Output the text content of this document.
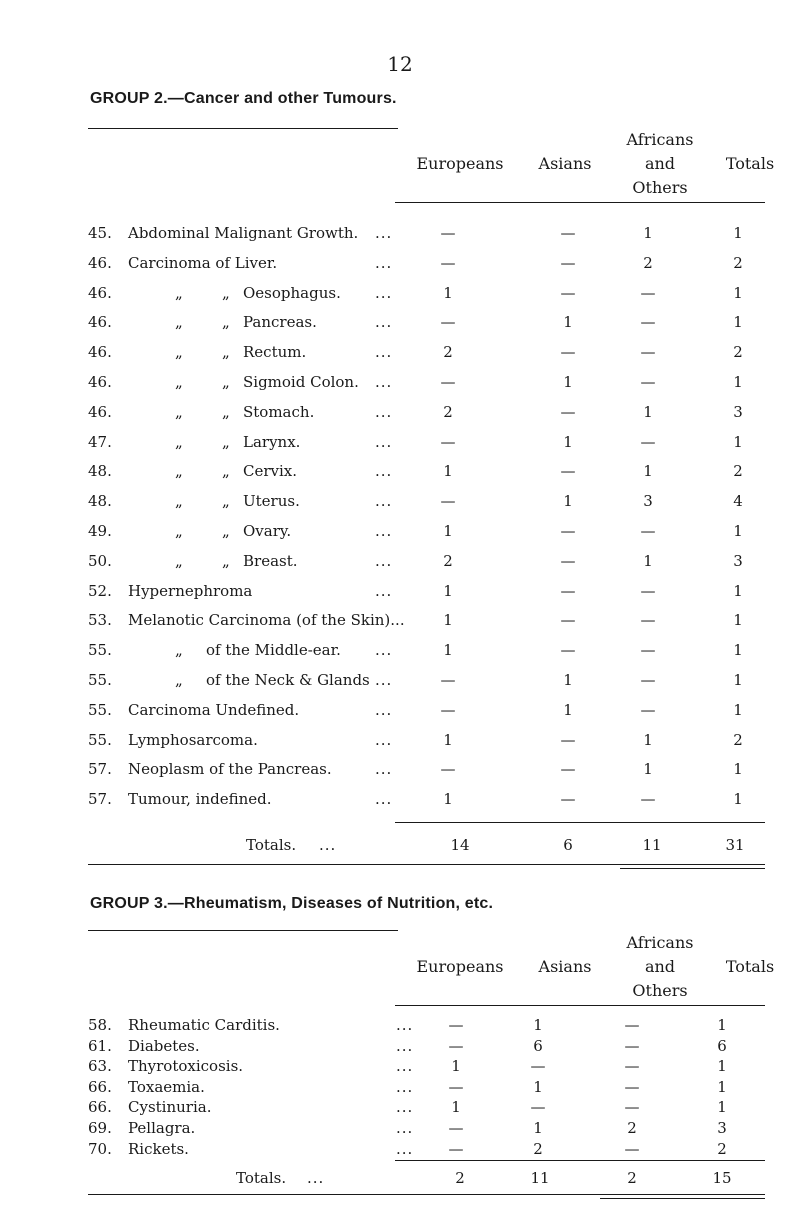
12
GROUP 2.—Cancer and other Tumours.
Europeans	Asians
Africans
and
Others
Totals
45.	Abdominal Malignant Growth. ...	—	—	1	1
46.	Carcinoma of Liver.	...	—	—	2	2
46.	„	„ Oesophagus. ...	1	—	—	1
46.	„	„ Pancreas.	...	—	1	—	1
46.	„	„ Rectum.	...	2	—	—	2
46.	„	„ Sigmoid Colon. ...	—	1	—	1
46.	„	„ Stomach.	...	2	—	1	3
47.	„	„ Larynx.	...	—	1	—	1
48.	„	„ Cervix.	...	1	—	1	2
48.	„	„ Uterus.	...	—	1	3	4
49.	„	„ Ovary.	...	1	—	—	1
50.	„	„ Breast.	...	2	—	1	3
52.	Hypernephroma	...	1	—	—	1
53.	Melanotic Carcinoma (of the Skin)...	1	—	—	1
55.	„ of the Middle-ear. ...	1	—	—	1
55.	„ of the Neck & Glands ...	—	1	—	1
55.	Carcinoma Undefined.	...	—	1	—	1
55.	Lymphosarcoma.	...	1	—	1	2
57.	Neoplasm of the Pancreas.	...	—	—	1	1
57.	Tumour, indefined.	...	1	—	—	1
Totals. ...	14	6	11	31
GROUP 3.—Rheumatism, Diseases of Nutrition, etc.
Europeans	Asians
Africans
and
Others
Totals
58.	Rheumatic Carditis.	...	—	1	—	1
61.	Diabetes.	...	—	6	—	6
63.	Thyrotoxicosis.	...	1	—	—	1
66.	Toxaemia.	...	—	1	—	1
66.	Cystinuria.	...	1	—	—	1
69.	Pellagra.	...	—	1	2	3
70.	Rickets.	...	—	2	—	2
Totals. ...	2	11	2	15
